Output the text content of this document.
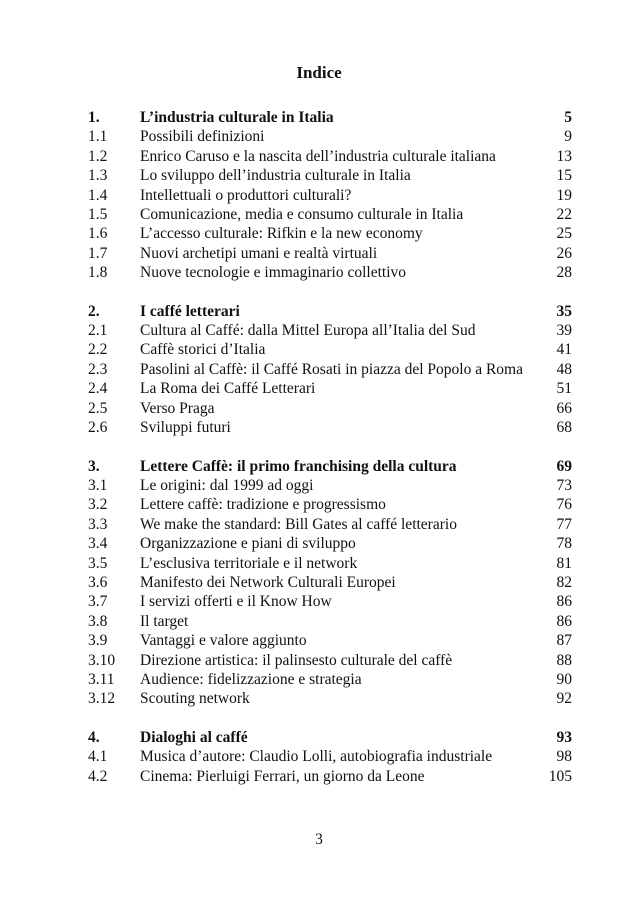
Indice
1.	L’industria culturale in Italia	5
1.1	Possibili definizioni	9
1.2	Enrico Caruso e la nascita dell’industria culturale italiana	13
1.3	Lo sviluppo dell’industria culturale in Italia	15
1.4	Intellettuali o produttori culturali?	19
1.5	Comunicazione, media e consumo culturale in Italia	22
1.6	L’accesso culturale: Rifkin e la new economy	25
1.7	Nuovi archetipi umani e realtà virtuali	26
1.8	Nuove tecnologie e immaginario collettivo	28
2.	I caffé letterari	35
2.1	Cultura al Caffé: dalla Mittel Europa all’Italia del Sud	39
2.2	Caffè storici d’Italia	41
2.3	Pasolini al Caffè: il Caffé Rosati in piazza del Popolo a Roma	48
2.4	La Roma dei Caffé Letterari	51
2.5	Verso Praga	66
2.6	Sviluppi futuri	68
3.	Lettere Caffè: il primo franchising della cultura	69
3.1	Le origini: dal 1999 ad oggi	73
3.2	Lettere caffè: tradizione e progressismo	76
3.3	We make the standard: Bill Gates al caffé letterario	77
3.4	Organizzazione e piani di sviluppo	78
3.5	L’esclusiva territoriale e il network	81
3.6	Manifesto dei Network Culturali Europei	82
3.7	I servizi offerti e il Know How	86
3.8	Il target	86
3.9	Vantaggi e valore aggiunto	87
3.10	Direzione artistica: il palinsesto culturale del caffè	88
3.11	Audience: fidelizzazione e strategia	90
3.12	Scouting network	92
4.	Dialoghi al caffé	93
4.1	Musica d’autore: Claudio Lolli, autobiografia industriale	98
4.2	Cinema: Pierluigi Ferrari, un giorno da Leone	105
3
